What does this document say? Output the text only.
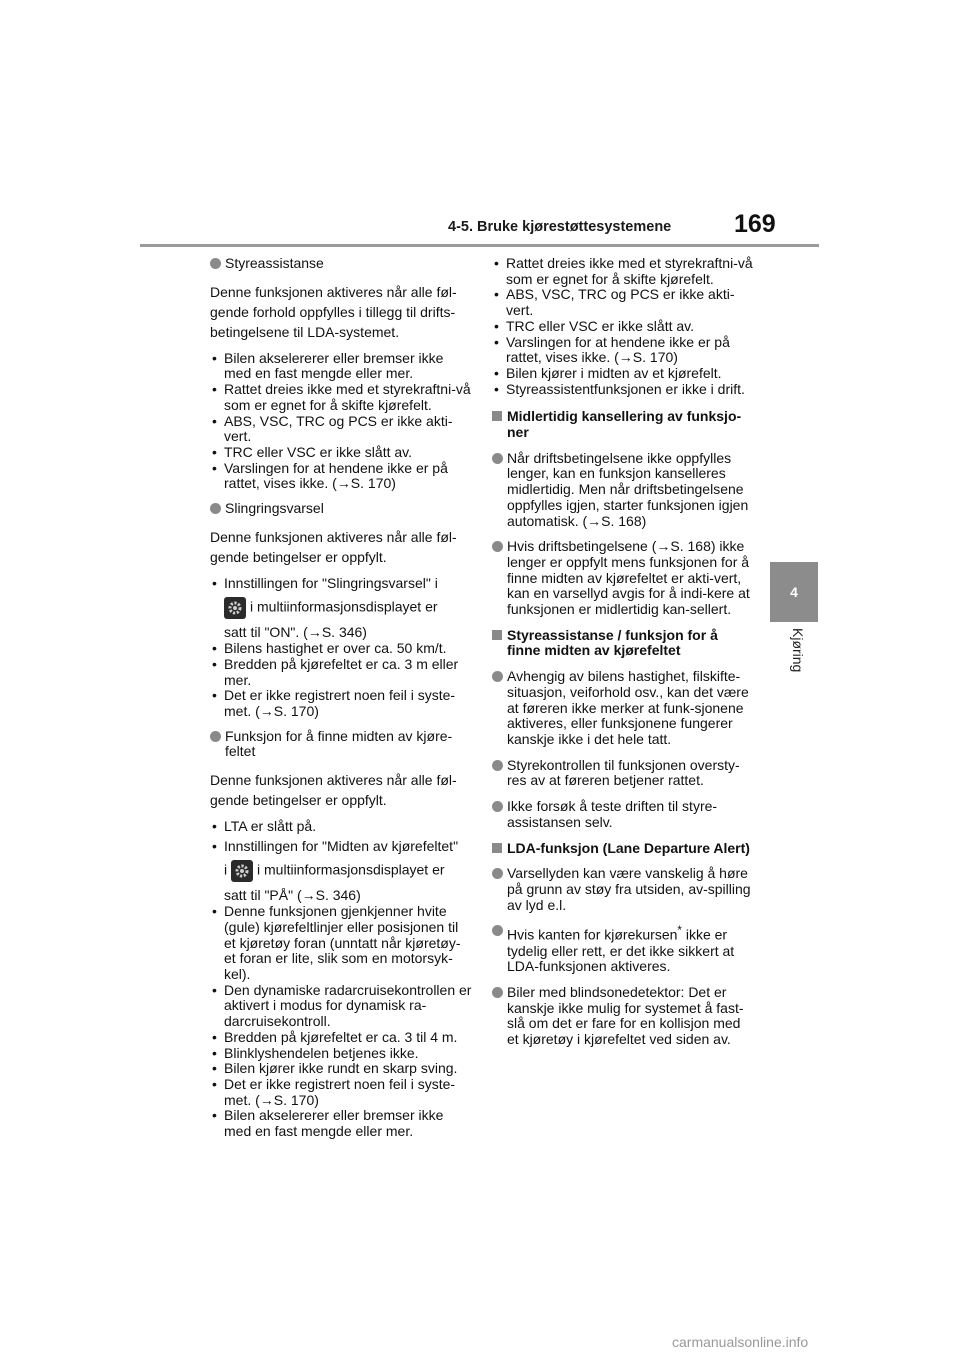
4-5. Bruke kjørestøttesystemene	169
4
Kjøring
Styreassistanse

Denne funksjonen aktiveres når alle føl-gende forhold oppfylles i tillegg til drifts-betingelsene til LDA-systemet.

• Bilen akselererer eller bremser ikke med en fast mengde eller mer.
• Rattet dreies ikke med et styrekraftni-vå som er egnet for å skifte kjørefelt.
• ABS, VSC, TRC og PCS er ikke akti-vert.
• TRC eller VSC er ikke slått av.
• Varslingen for at hendene ikke er på rattet, vises ikke. (→S. 170)
Slingringsvarsel

Denne funksjonen aktiveres når alle føl-gende betingelser er oppfylt.

• Innstillingen for "Slingringsvarsel" i
i multiinformasjonsdisplayet er
satt til "ON". (→S. 346)
• Bilens hastighet er over ca. 50 km/t.
• Bredden på kjørefeltet er ca. 3 m eller mer.
• Det er ikke registrert noen feil i syste-met. (→S. 170)
Funksjon for å finne midten av kjøre-feltet

Denne funksjonen aktiveres når alle føl-gende betingelser er oppfylt.

• LTA er slått på.
• Innstillingen for "Midten av kjørefeltet"
i i multiinformasjonsdisplayet er
satt til "PÅ" (→S. 346)
• Denne funksjonen gjenkjenner hvite (gule) kjørefeltlinjer eller posisjonen til et kjøretøy foran (unntatt når kjøretøy-et foran er lite, slik som en motorsyk-kel).
• Den dynamiske radarcruisekontrollen er aktivert i modus for dynamisk ra-darcruisekontroll.
• Bredden på kjørefeltet er ca. 3 til 4 m.
• Blinklyshendelen betjenes ikke.
• Bilen kjører ikke rundt en skarp sving.
• Det er ikke registrert noen feil i syste-met. (→S. 170)
• Bilen akselererer eller bremser ikke med en fast mengde eller mer.
• Rattet dreies ikke med et styrekraftni-vå som er egnet for å skifte kjørefelt.
• ABS, VSC, TRC og PCS er ikke akti-vert.
• TRC eller VSC er ikke slått av.
• Varslingen for at hendene ikke er på rattet, vises ikke. (→S. 170)
• Bilen kjører i midten av et kjørefelt.
• Styreassistentfunksjonen er ikke i drift.
Midlertidig kansellering av funksjo-ner
Når driftsbetingelsene ikke oppfylles lenger, kan en funksjon kanselleres midlertidig. Men når driftsbetingelsene oppfylles igjen, starter funksjonen igjen automatisk. (→S. 168)
Hvis driftsbetingelsene (→S. 168) ikke lenger er oppfylt mens funksjonen for å finne midten av kjørefeltet er akti-vert, kan en varsellyd avgis for å indi-kere at funksjonen er midlertidig kan-sellert.
Styreassistanse / funksjon for å finne midten av kjørefeltet
Avhengig av bilens hastighet, filskifte-situasjon, veiforhold osv., kan det være at føreren ikke merker at funk-sjonene aktiveres, eller funksjonene fungerer kanskje ikke i det hele tatt.
Styrekontrollen til funksjonen oversty-res av at føreren betjener rattet.
Ikke forsøk å teste driften til styre-assistansen selv.
LDA-funksjon (Lane Departure Alert)
Varsellyden kan være vanskelig å høre på grunn av støy fra utsiden, av-spilling av lyd e.l.
Hvis kanten for kjørekursen* ikke er tydelig eller rett, er det ikke sikkert at LDA-funksjonen aktiveres.
Biler med blindsonedetektor: Det er kanskje ikke mulig for systemet å fast-slå om det er fare for en kollisjon med et kjøretøy i kjørefeltet ved siden av.
carmanualsonline.info
